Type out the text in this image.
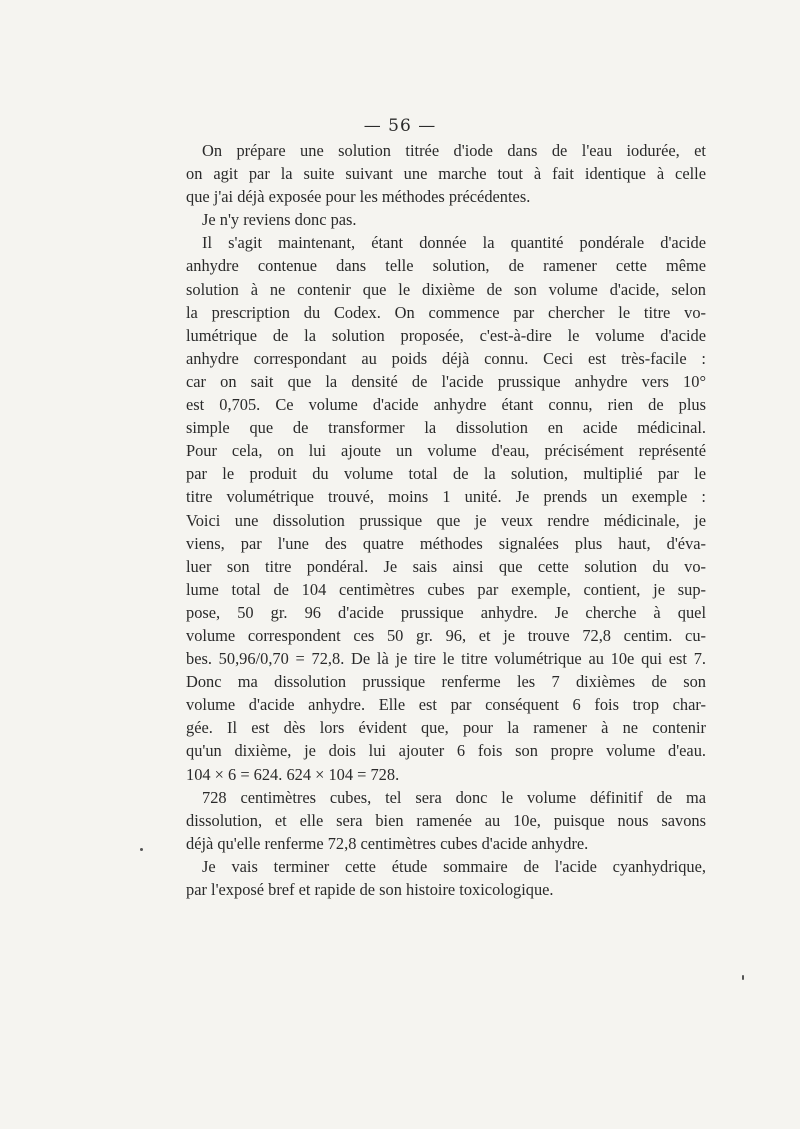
— 56 —

On prépare une solution titrée d'iode dans de l'eau iodurée, et
on agit par la suite suivant une marche tout à fait identique à celle
que j'ai déjà exposée pour les méthodes précédentes.

Je n'y reviens donc pas.

Il s'agit maintenant, étant donnée la quantité pondérale d'acide
anhydre contenue dans telle solution, de ramener cette même
solution à ne contenir que le dixième de son volume d'acide, selon
la prescription du Codex. On commence par chercher le titre vo-
lumétrique de la solution proposée, c'est-à-dire le volume d'acide
anhydre correspondant au poids déjà connu. Ceci est très-facile :
car on sait que la densité de l'acide prussique anhydre vers 10°
est 0,705. Ce volume d'acide anhydre étant connu, rien de plus
simple que de transformer la dissolution en acide médicinal.
Pour cela, on lui ajoute un volume d'eau, précisément représenté
par le produit du volume total de la solution, multiplié par le
titre volumétrique trouvé, moins 1 unité. Je prends un exemple :
Voici une dissolution prussique que je veux rendre médicinale, je
viens, par l'une des quatre méthodes signalées plus haut, d'éva-
luer son titre pondéral. Je sais ainsi que cette solution du vo-
lume total de 104 centimètres cubes par exemple, contient, je sup-
pose, 50 gr. 96 d'acide prussique anhydre. Je cherche à quel
volume correspondent ces 50 gr. 96, et je trouve 72,8 centim. cu-
bes. 50,96/0,70 = 72,8. De là je tire le titre volumétrique au 10e qui est 7.
Donc ma dissolution prussique renferme les 7 dixièmes de son
volume d'acide anhydre. Elle est par conséquent 6 fois trop char-
gée. Il est dès lors évident que, pour la ramener à ne contenir
qu'un dixième, je dois lui ajouter 6 fois son propre volume d'eau.
104 × 6 = 624. 624 × 104 = 728.

728 centimètres cubes, tel sera donc le volume définitif de ma
dissolution, et elle sera bien ramenée au 10e, puisque nous savons
déjà qu'elle renferme 72,8 centimètres cubes d'acide anhydre.

Je vais terminer cette étude sommaire de l'acide cyanhydrique,
par l'exposé bref et rapide de son histoire toxicologique.
